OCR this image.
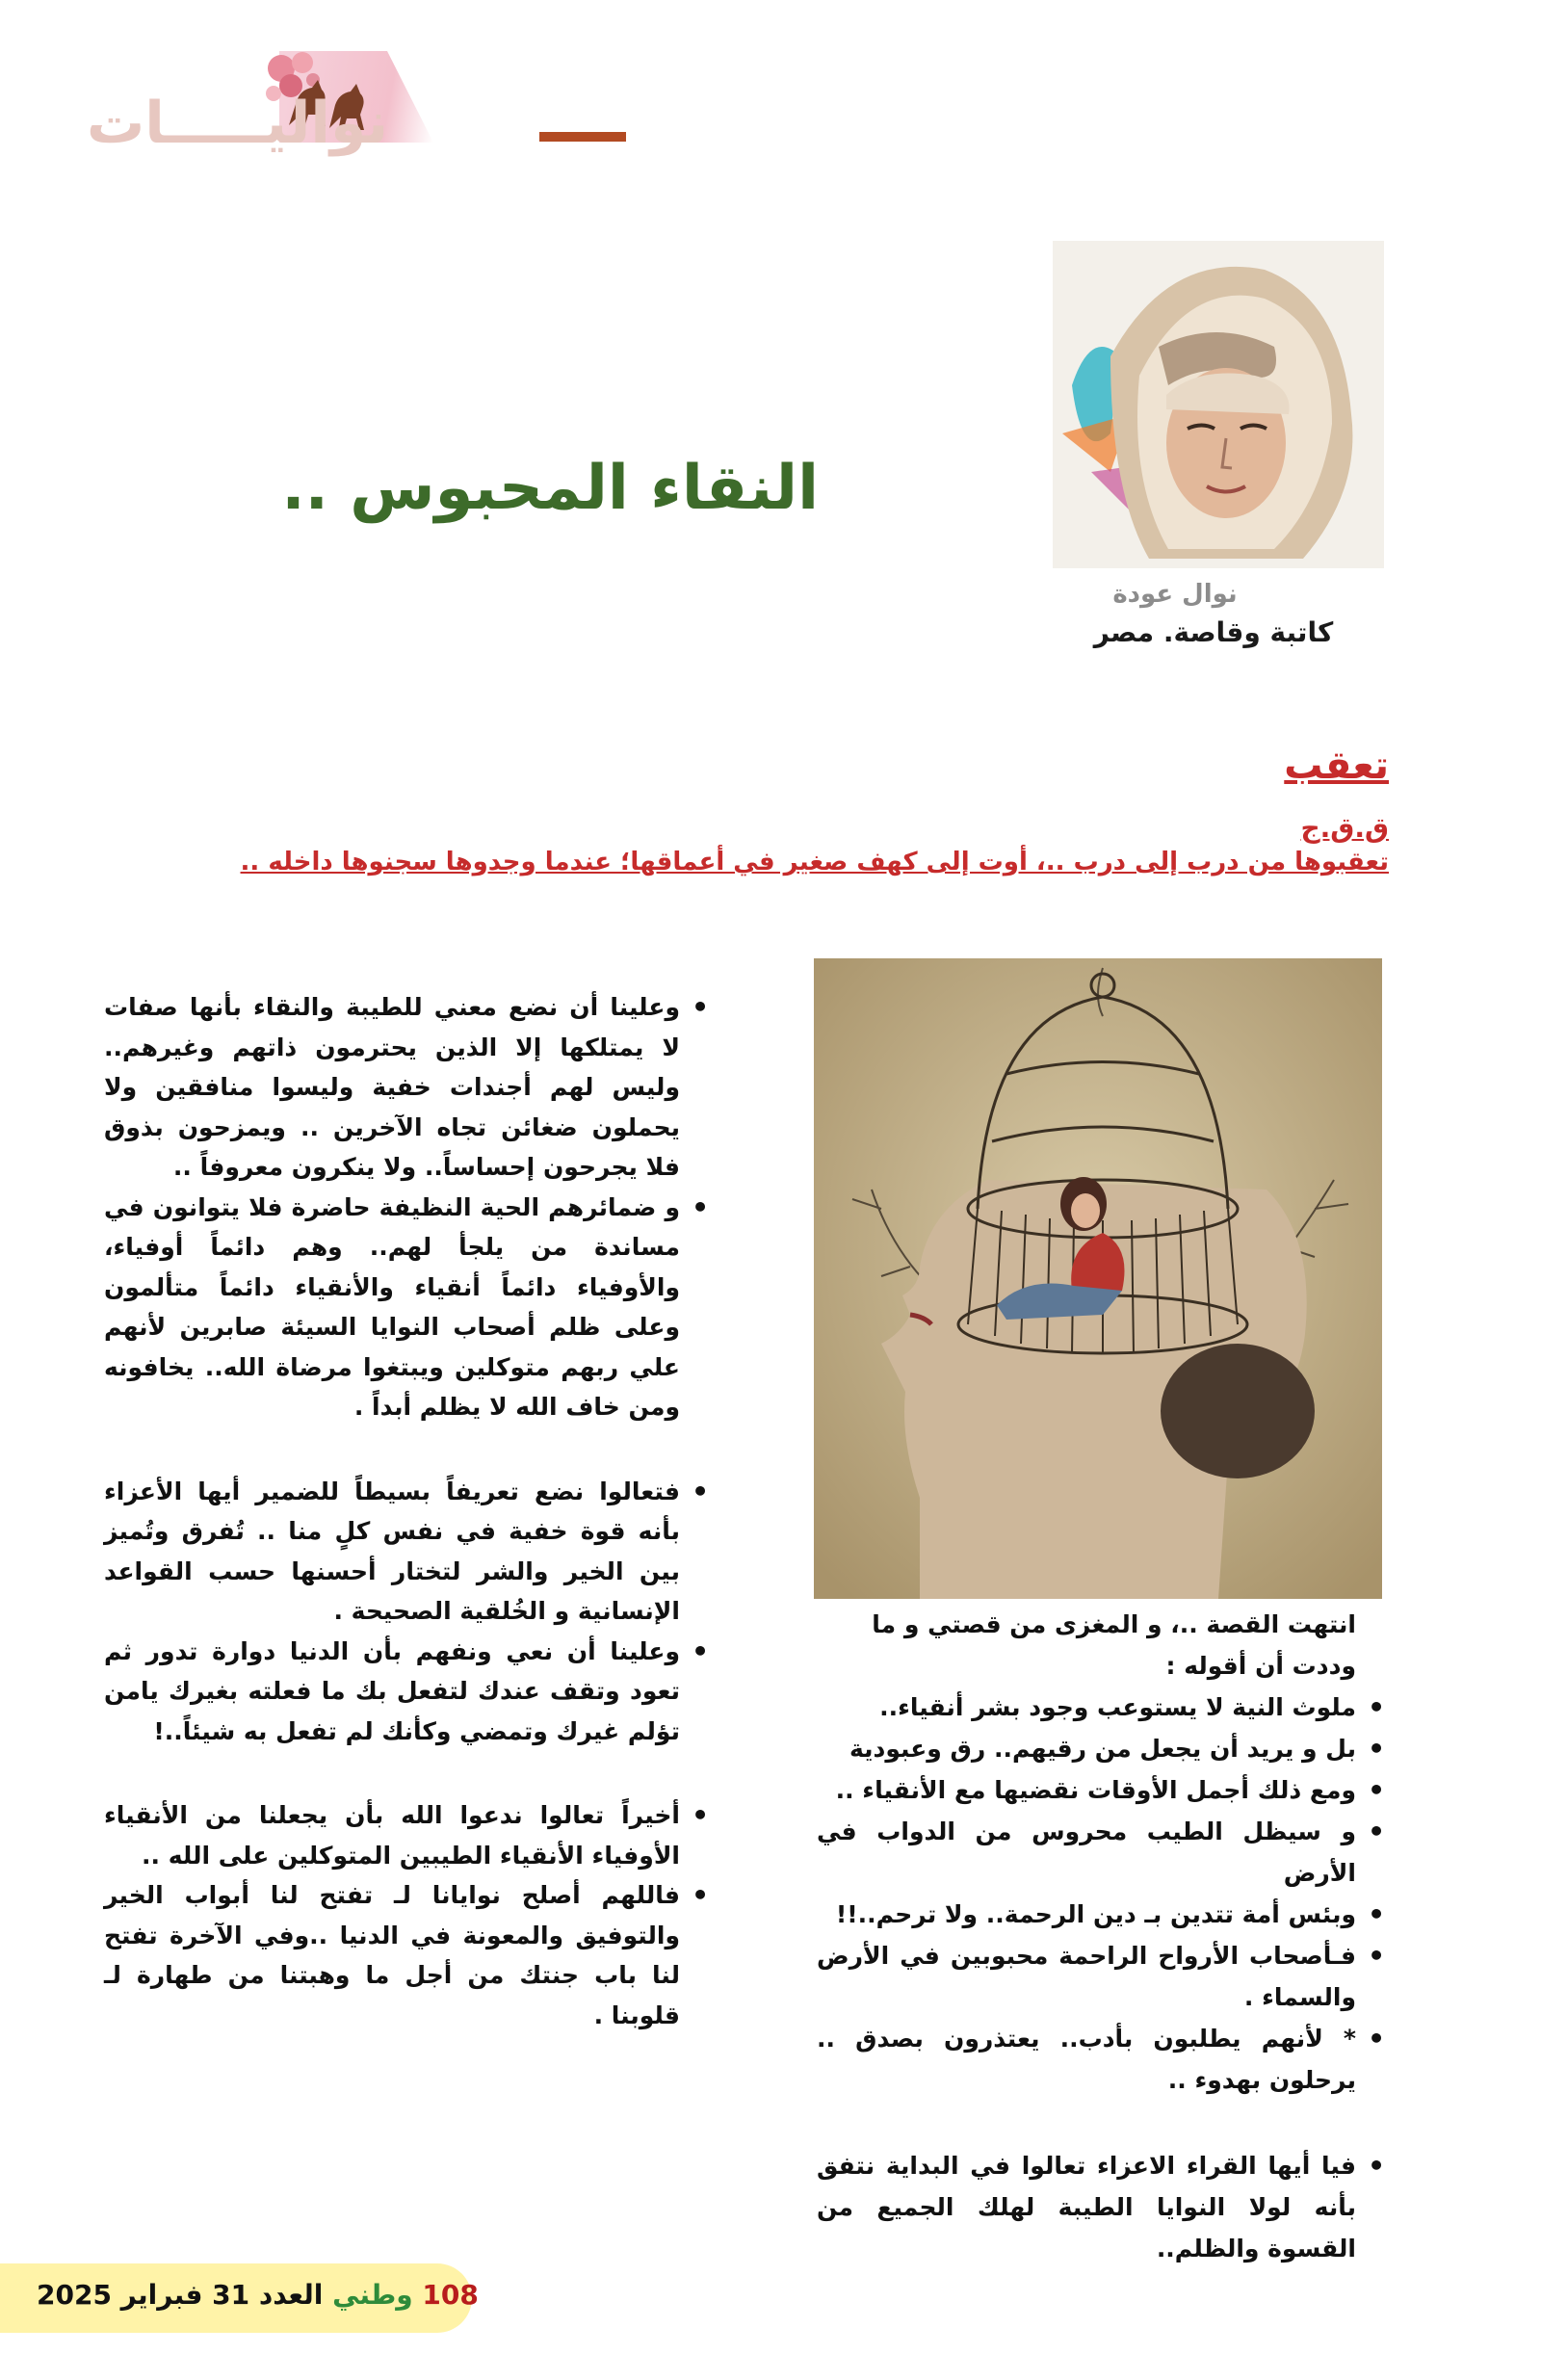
نواليـــــات
نوال عودة
كاتبة وقاصة. مصر
النقاء المحبوس ..
تعقب
ق.ق.ج
تعقبوها من درب إلى درب ..، أوت إلى كهف صغير في أعماقها؛ عندما وجدوها سجنوها داخله ..
• وعلينا أن نضع معني للطيبة والنقاء بأنها صفات لا يمتلكها إلا الذين يحترمون ذاتهم وغيرهم.. وليس لهم أجندات خفية وليسوا منافقين ولا يحملون ضغائن تجاه الآخرين .. ويمزحون بذوق فلا يجرحون إحساساً.. ولا ينكرون معروفاً ..
• و ضمائرهم الحية النظيفة حاضرة فلا يتوانون في مساندة من يلجأ لهم.. وهم دائماً أوفياء، والأوفياء دائماً أنقياء والأنقياء دائماً متألمون وعلى ظلم أصحاب النوايا السيئة صابرين لأنهم علي ربهم متوكلين ويبتغوا مرضاة الله.. يخافونه ومن خاف الله لا يظلم أبداً .
• فتعالوا نضع تعريفاً بسيطاً للضمير أيها الأعزاء بأنه قوة خفية في نفس كلٍ منا .. تُفرق وتُميز بين الخير والشر لتختار أحسنها حسب القواعد الإنسانية و الخُلقية الصحيحة .
• وعلينا أن نعي ونفهم بأن الدنيا دوارة تدور ثم تعود وتقف عندك لتفعل بك ما فعلته بغيرك يامن تؤلم غيرك وتمضي وكأنك لم تفعل به شيئاً..!
• أخيراً تعالوا ندعوا الله بأن يجعلنا من الأنقياء الأوفياء الأنقياء الطيبين المتوكلين على الله ..
• فاللهم أصلح نوايانا لـ تفتح لنا أبواب الخير والتوفيق والمعونة في الدنيا ..وفي الآخرة تفتح لنا باب جنتك من أجل ما وهبتنا من طهارة لـ قلوبنا .
انتهت القصة ..، و المغزى من قصتي و ما وددت أن أقوله :
• ملوث النية لا يستوعب وجود بشر أنقياء..
• بل و يريد أن يجعل من رقيهم.. رق وعبودية
• ومع ذلك أجمل الأوقات نقضيها مع الأنقياء ..
• و سيظل الطيب محروس من الدواب في الأرض
• وبئس أمة تتدين بـ دين الرحمة.. ولا ترحم..!!
• فـأصحاب الأرواح الراحمة محبوبين في الأرض والسماء .
• * لأنهم يطلبون بأدب.. يعتذرون بصدق .. يرحلون بهدوء ..
• فيا أيها القراء الاعزاء تعالوا في البداية نتفق بأنه لولا النوايا الطيبة لهلك الجميع من القسوة والظلم..
108 وطني العدد 31 فبراير 2025
